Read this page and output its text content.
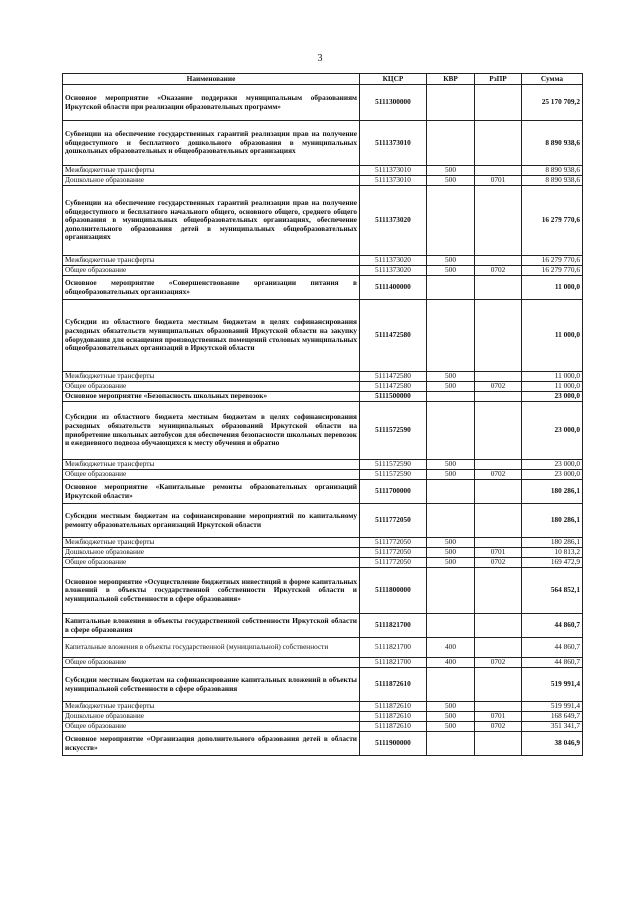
3
Наименование	КЦСР	КВР	РзПР	Сумма
Основное мероприятие «Оказание поддержки муниципальным образованиям Иркутской области при реализации образовательных программ»	5111300000			25 170 709,2
Субвенции на обеспечение государственных гарантий реализации прав на получение общедоступного и бесплатного дошкольного образования в муниципальных дошкольных образовательных и общеобразовательных организациях	5111373010			8 890 938,6
Межбюджетные трансферты	5111373010	500		8 890 938,6
Дошкольное образование	5111373010	500	0701	8 890 938,6
Субвенции на обеспечение государственных гарантий реализации прав на получение общедоступного и бесплатного начального общего, основного общего, среднего общего образования в муниципальных общеобразовательных организациях, обеспечение дополнительного образования детей в муниципальных общеобразовательных организациях	5111373020			16 279 770,6
Межбюджетные трансферты	5111373020	500		16 279 770,6
Общее образование	5111373020	500	0702	16 279 770,6
Основное мероприятие «Совершенствование организации питания в общеобразовательных организациях»	5111400000			11 000,0
Субсидии из областного бюджета местным бюджетам в целях софинансирования расходных обязательств муниципальных образований Иркутской области на закупку оборудования для оснащения производственных помещений столовых муниципальных общеобразовательных организаций в Иркутской области	5111472580			11 000,0
Межбюджетные трансферты	5111472580	500		11 000,0
Общее образование	5111472580	500	0702	11 000,0
Основное мероприятие «Безопасность школьных перевозок»	5111500000			23 000,0
Субсидии из областного бюджета местным бюджетам в целях софинансирования расходных обязательств муниципальных образований Иркутской области на приобретение школьных автобусов для обеспечения безопасности школьных перевозок и ежедневного подвоза обучающихся к месту обучения и обратно	5111572590			23 000,0
Межбюджетные трансферты	5111572590	500		23 000,0
Общее образование	5111572590	500	0702	23 000,0
Основное мероприятие «Капитальные ремонты образовательных организаций Иркутской области»	5111700000			180 286,1
Субсидии местным бюджетам на софинансирование мероприятий по капитальному ремонту образовательных организаций Иркутской области	5111772050			180 286,1
Межбюджетные трансферты	5111772050	500		180 286,1
Дошкольное образование	5111772050	500	0701	10 813,2
Общее образование	5111772050	500	0702	169 472,9
Основное мероприятие «Осуществление бюджетных инвестиций в форме капитальных вложений в объекты государственной собственности Иркутской области и муниципальной собственности в сфере образования»	5111800000			564 852,1
Капитальные вложения в объекты государственной собственности Иркутской области в сфере образования	5111821700			44 860,7
Капитальные вложения в объекты государственной (муниципальной) собственности	5111821700	400		44 860,7
Общее образование	5111821700	400	0702	44 860,7
Субсидии местным бюджетам на софинансирование капитальных вложений в объекты муниципальной собственности в сфере образования	5111872610			519 991,4
Межбюджетные трансферты	5111872610	500		519 991,4
Дошкольное образование	5111872610	500	0701	168 649,7
Общее образование	5111872610	500	0702	351 341,7
Основное мероприятие «Организация дополнительного образования детей в области искусств»	5111900000			38 046,9
